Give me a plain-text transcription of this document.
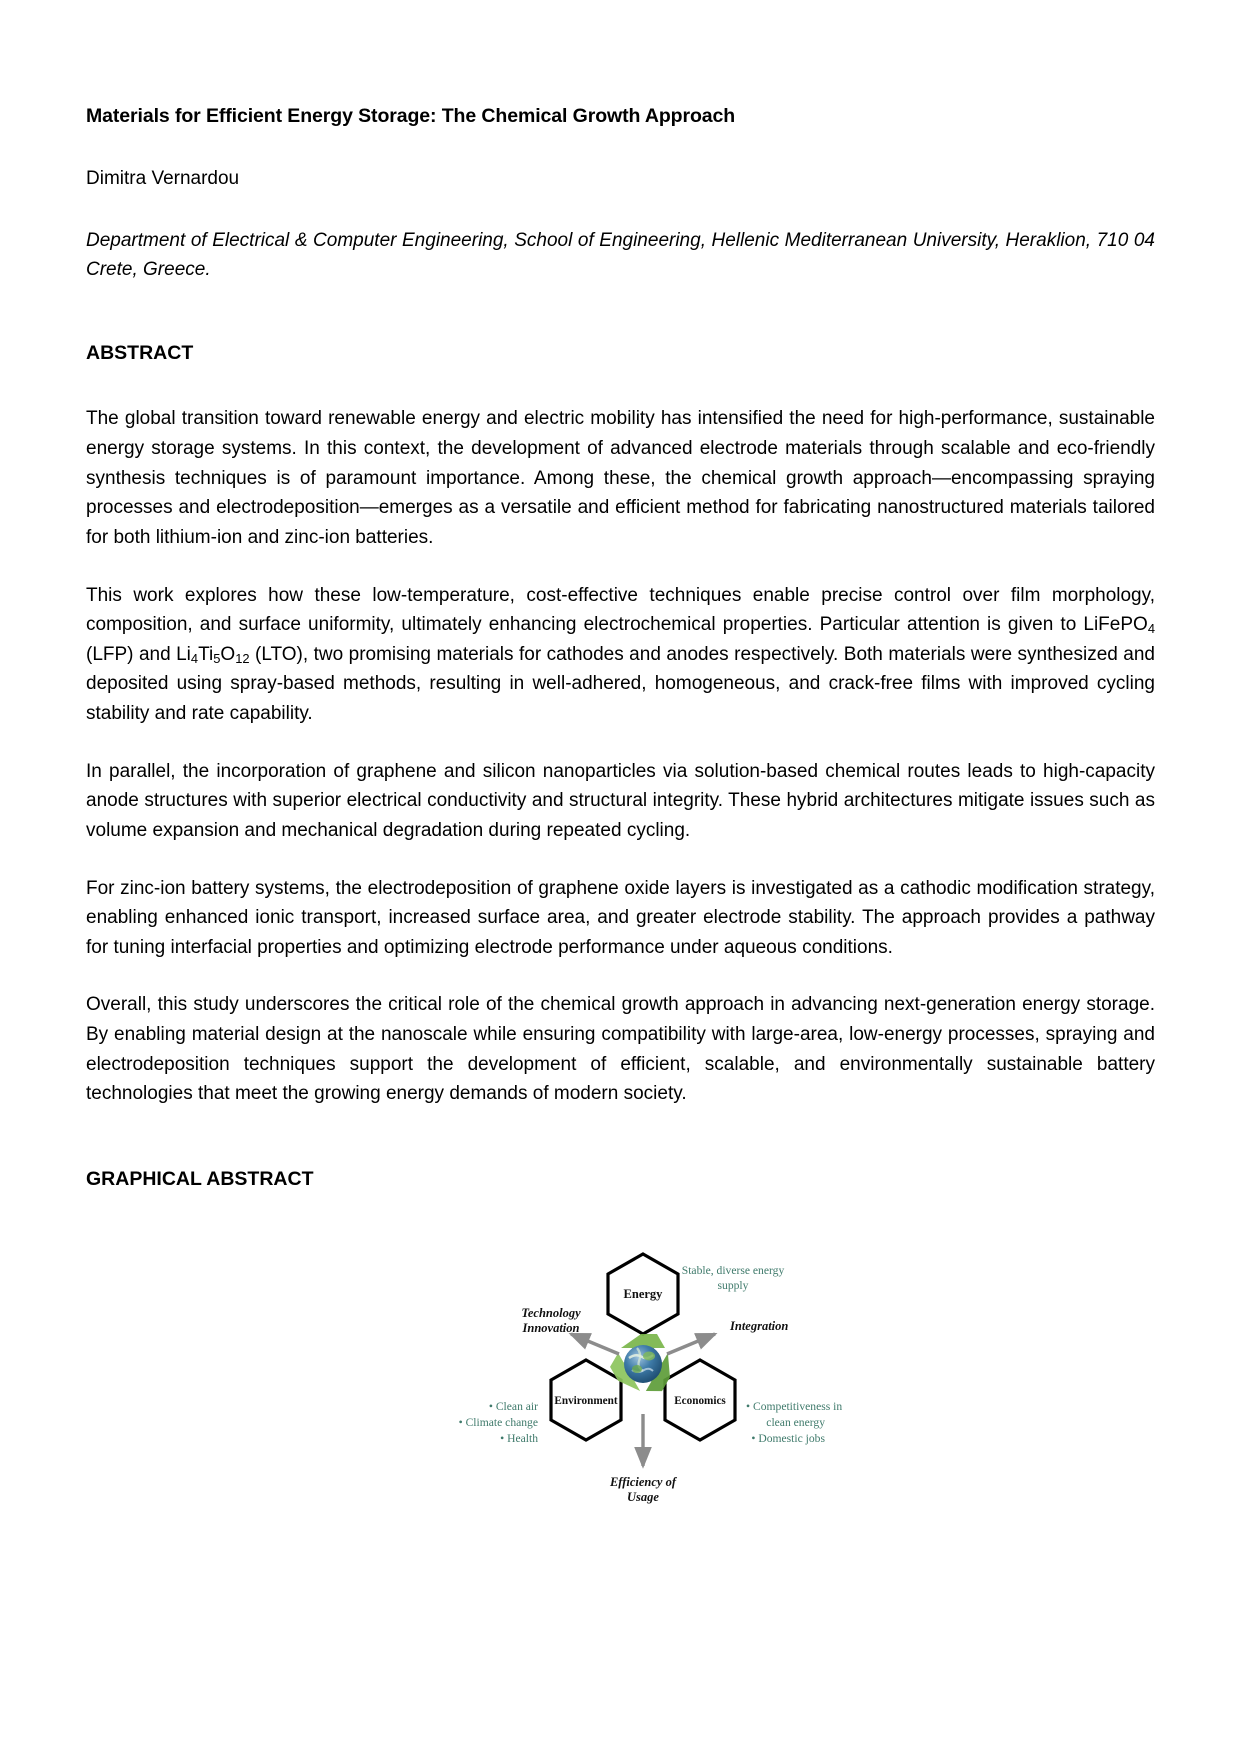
Materials for Efficient Energy Storage: The Chemical Growth Approach

Dimitra Vernardou

Department of Electrical & Computer Engineering, School of Engineering, Hellenic Mediterranean University, Heraklion, 710 04 Crete, Greece.

ABSTRACT

The global transition toward renewable energy and electric mobility has intensified the need for high-performance, sustainable energy storage systems. In this context, the development of advanced electrode materials through scalable and eco-friendly synthesis techniques is of paramount importance. Among these, the chemical growth approach—encompassing spraying processes and electrodeposition—emerges as a versatile and efficient method for fabricating nanostructured materials tailored for both lithium-ion and zinc-ion batteries.

This work explores how these low-temperature, cost-effective techniques enable precise control over film morphology, composition, and surface uniformity, ultimately enhancing electrochemical properties. Particular attention is given to LiFePO$_4$ (LFP) and $Li_4Ti_5O_{12}$ (LTO), two promising materials for cathodes and anodes respectively. Both materials were synthesized and deposited using spray-based methods, resulting in well-adhered, homogeneous, and crack-free films with improved cycling stability and rate capability.

In parallel, the incorporation of graphene and silicon nanoparticles via solution-based chemical routes leads to high-capacity anode structures with superior electrical conductivity and structural integrity. These hybrid architectures mitigate issues such as volume expansion and mechanical degradation during repeated cycling.

For zinc-ion battery systems, the electrodeposition of graphene oxide layers is investigated as a cathodic modification strategy, enabling enhanced ionic transport, increased surface area, and greater electrode stability. The approach provides a pathway for tuning interfacial properties and optimizing electrode performance under aqueous conditions.

Overall, this study underscores the critical role of the chemical growth approach in advancing next-generation energy storage. By enabling material design at the nanoscale while ensuring compatibility with large-area, low-energy processes, spraying and electrodeposition techniques support the development of efficient, scalable, and environmentally sustainable battery technologies that meet the growing energy demands of modern society.

GRAPHICAL ABSTRACT
Energy
Environment	Economics
Technology
Innovation	Integration
Efficiency of
Usage
Stable, diverse energy
supply
• Clean air
• Climate change
• Health
• Competitiveness in
clean energy
• Domestic jobs
